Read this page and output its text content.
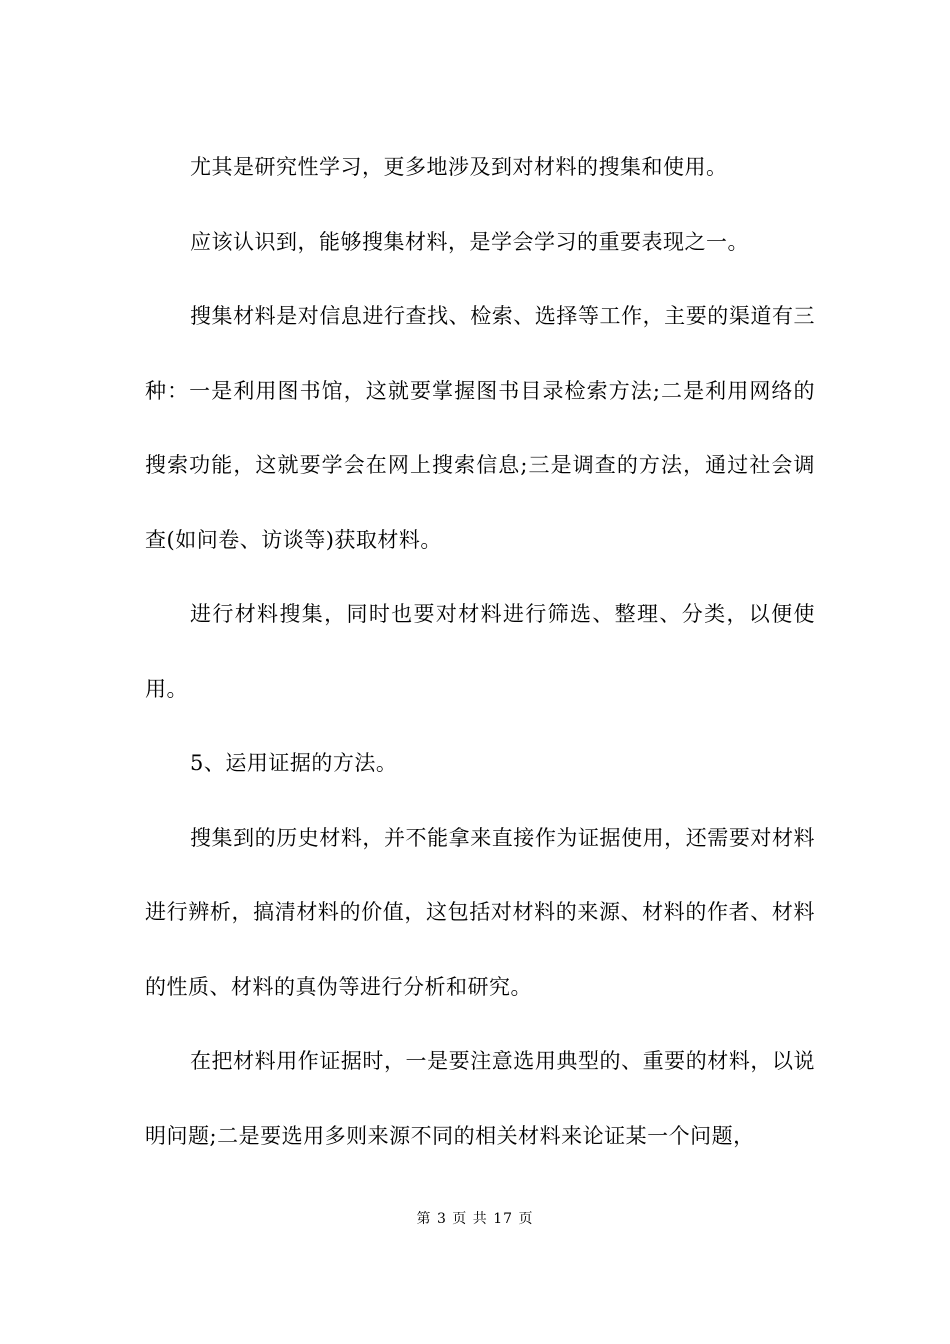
尤其是研究性学习，更多地涉及到对材料的搜集和使用。

应该认识到，能够搜集材料，是学会学习的重要表现之一。

搜集材料是对信息进行查找、检索、选择等工作，主要的渠道有三种：一是利用图书馆，这就要掌握图书目录检索方法;二是利用网络的搜索功能，这就要学会在网上搜索信息;三是调查的方法，通过社会调查(如问卷、访谈等)获取材料。

进行材料搜集，同时也要对材料进行筛选、整理、分类，以便使用。

5、运用证据的方法。

搜集到的历史材料，并不能拿来直接作为证据使用，还需要对材料进行辨析，搞清材料的价值，这包括对材料的来源、材料的作者、材料的性质、材料的真伪等进行分析和研究。

在把材料用作证据时，一是要注意选用典型的、重要的材料，以说明问题;二是要选用多则来源不同的相关材料来论证某一个问题，

第 3 页 共 17 页
